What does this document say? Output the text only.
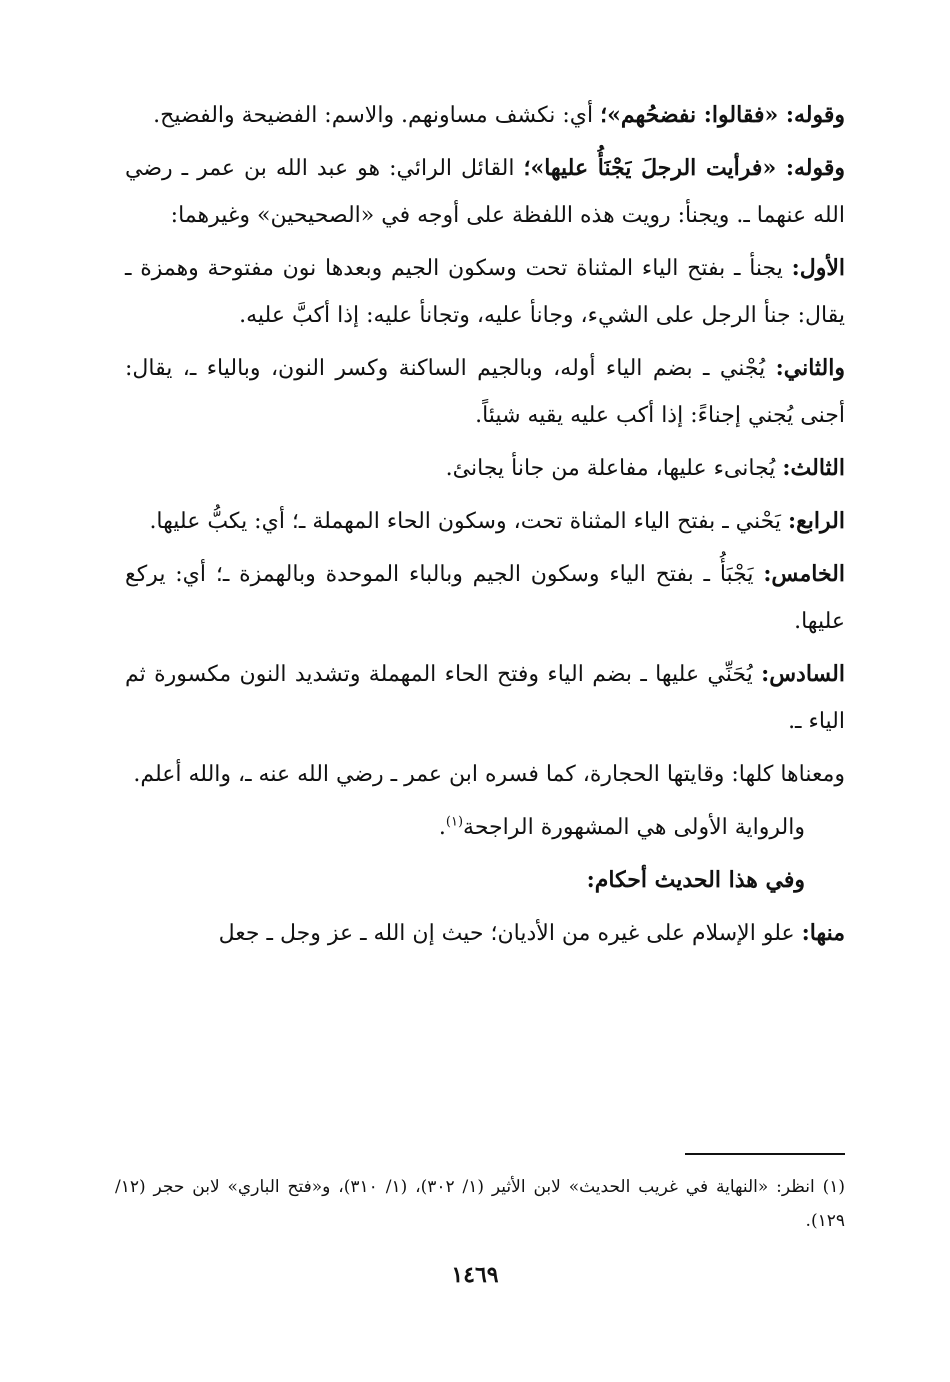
وقوله: «فقالوا: نفضحُهم»؛ أي: نكشف مساونهم. والاسم: الفضيحة والفضيح.

وقوله: «فرأيت الرجلَ يَجْنَأُ عليها»؛ القائل الرائي: هو عبد الله بن عمر ـ رضي الله عنهما ـ. ويجنأ: رويت هذه اللفظة على أوجه في «الصحيحين» وغيرهما:

الأول: يجنأ ـ بفتح الياء المثناة تحت وسكون الجيم وبعدها نون مفتوحة وهمزة ـ يقال: جنأ الرجل على الشيء، وجانأ عليه، وتجانأ عليه: إذا أكبَّ عليه.

والثاني: يُجْني ـ بضم الياء أوله، وبالجيم الساكنة وكسر النون، وبالياء ـ، يقال: أجنى يُجني إجناءً: إذا أكب عليه يقيه شيئاً.

الثالث: يُجانىء عليها، مفاعلة من جانأ يجانئ.

الرابع: يَحْني ـ بفتح الياء المثناة تحت، وسكون الحاء المهملة ـ؛ أي: يكبُّ عليها.

الخامس: يَجْبَأُ ـ بفتح الياء وسكون الجيم وبالباء الموحدة وبالهمزة ـ؛ أي: يركع عليها.

السادس: يُحَنِّي عليها ـ بضم الياء وفتح الحاء المهملة وتشديد النون مكسورة ثم الياء ـ.

ومعناها كلها: وقايتها الحجارة، كما فسره ابن عمر ـ رضي الله عنه ـ، والله أعلم.

والرواية الأولى هي المشهورة الراجحة$^{(١)}$.

وفي هذا الحديث أحكام:

منها: علو الإسلام على غيره من الأديان؛ حيث إن الله ـ عز وجل ـ جعل

(١) انظر: «النهاية في غريب الحديث» لابن الأثير (١/ ٣٠٢)، (١/ ٣١٠)، و«فتح الباري» لابن حجر (١٢/ ١٢٩).
١٤٦٩
